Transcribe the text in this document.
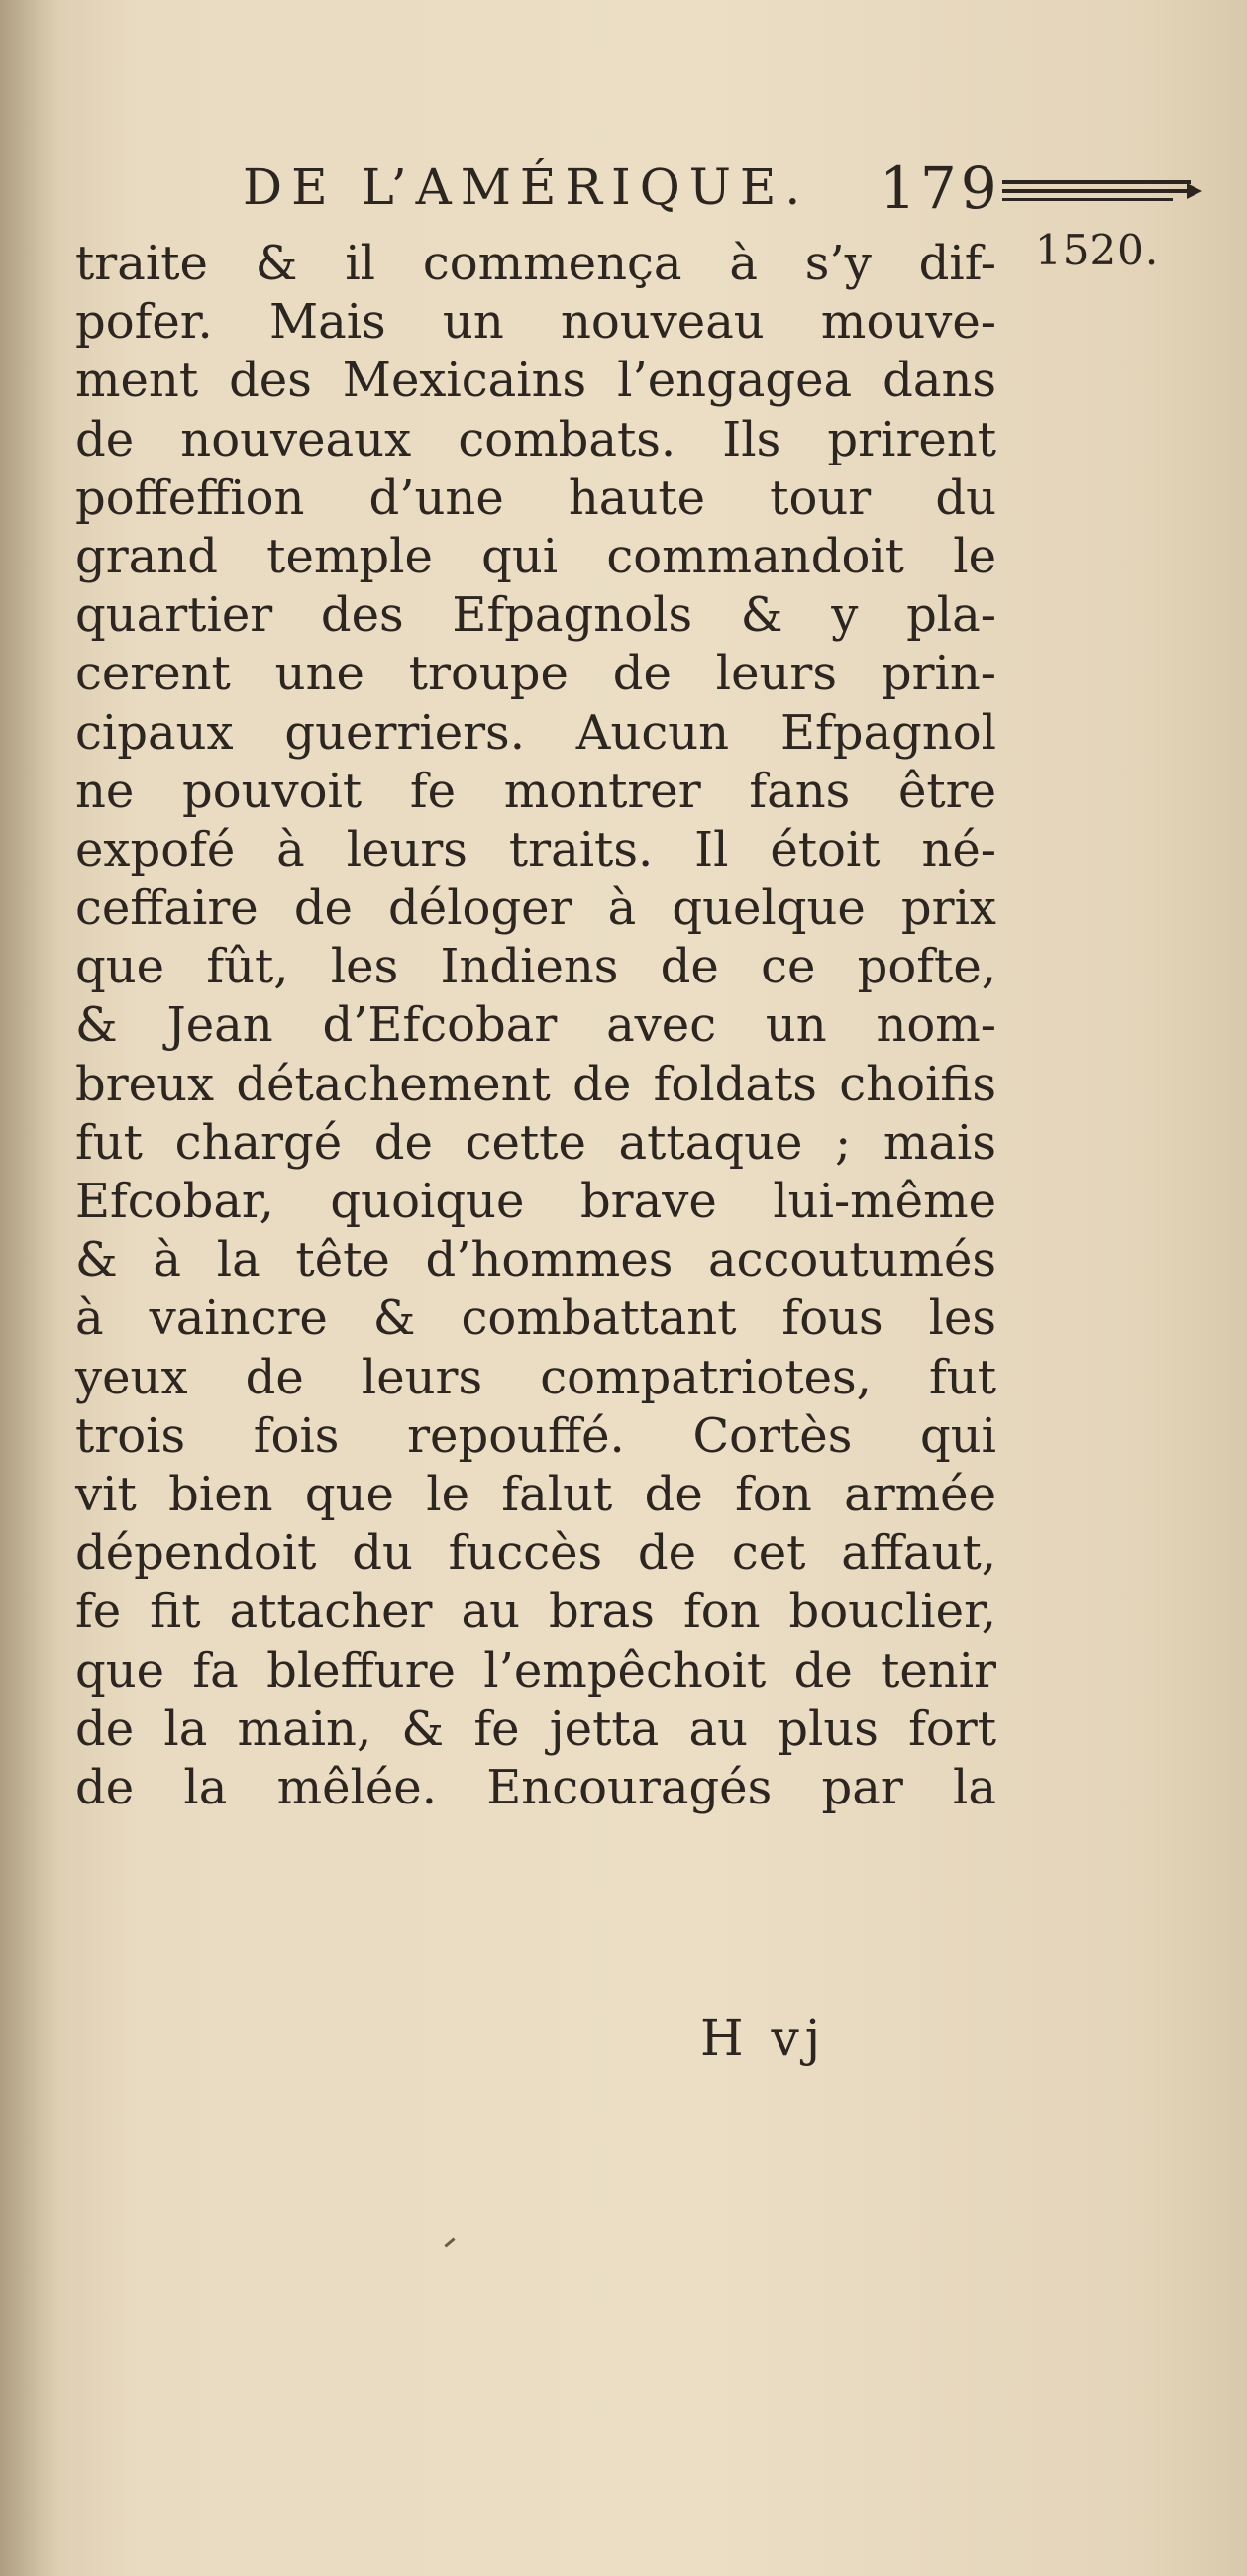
DE L’AMÉRIQUE. 179
1520.
traite & il commença à s’y dif-
pofer. Mais un nouveau mouve-
ment des Mexicains l’engagea dans
de nouveaux combats. Ils prirent
poffeffion d’une haute tour du
grand temple qui commandoit le
quartier des Efpagnols & y pla-
cerent une troupe de leurs prin-
cipaux guerriers. Aucun Efpagnol
ne pouvoit fe montrer fans être
expofé à leurs traits. Il étoit né-
ceffaire de déloger à quelque prix
que fût, les Indiens de ce pofte,
& Jean d’Efcobar avec un nom-
breux détachement de foldats choifis
fut chargé de cette attaque ; mais
Efcobar, quoique brave lui-même
& à la tête d’hommes accoutumés
à vaincre & combattant fous les
yeux de leurs compatriotes, fut
trois fois repouffé. Cortès qui
vit bien que le falut de fon armée
dépendoit du fuccès de cet affaut,
fe fit attacher au bras fon bouclier,
que fa bleffure l’empêchoit de tenir
de la main, & fe jetta au plus fort
de la mêlée. Encouragés par la
H vj
